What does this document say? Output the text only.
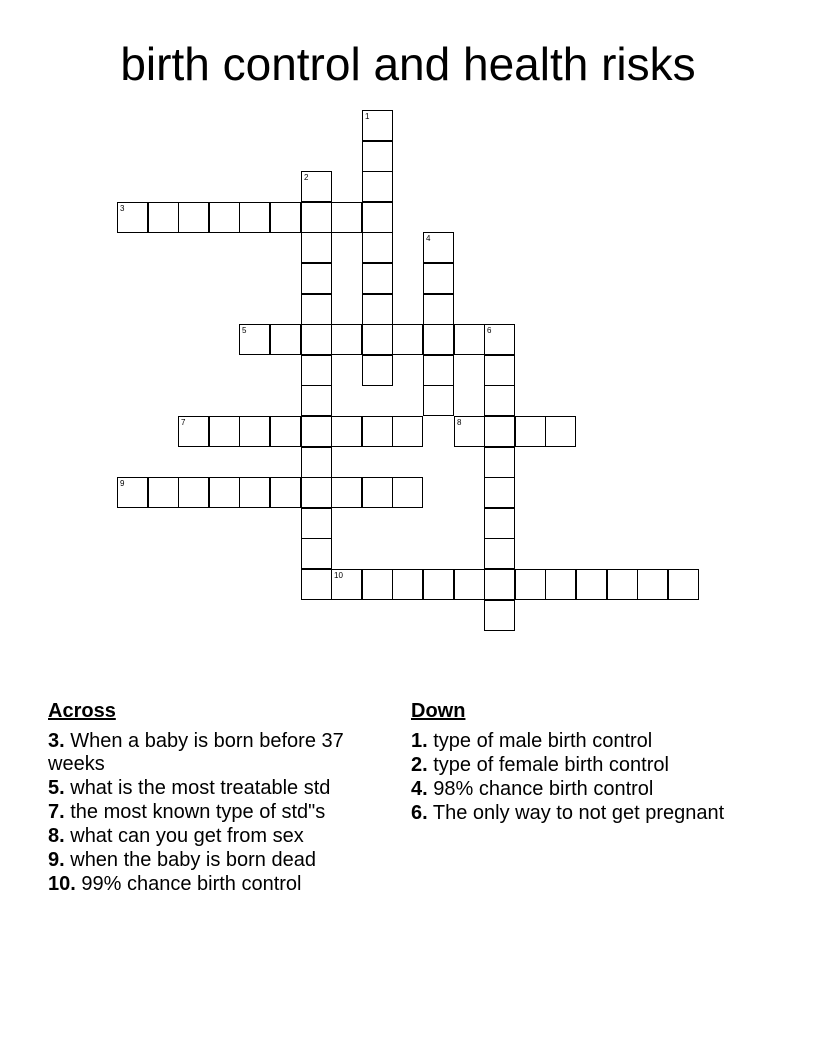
birth control and health risks
1
2
3
4
5	6
7	8
9
10
Across
3. When a baby is born before 37 weeks
5. what is the most treatable std
7. the most known type of std"s
8. what can you get from sex
9. when the baby is born dead
10. 99% chance birth control
Down
1. type of male birth control
2. type of female birth control
4. 98% chance birth control
6. The only way to not get pregnant
